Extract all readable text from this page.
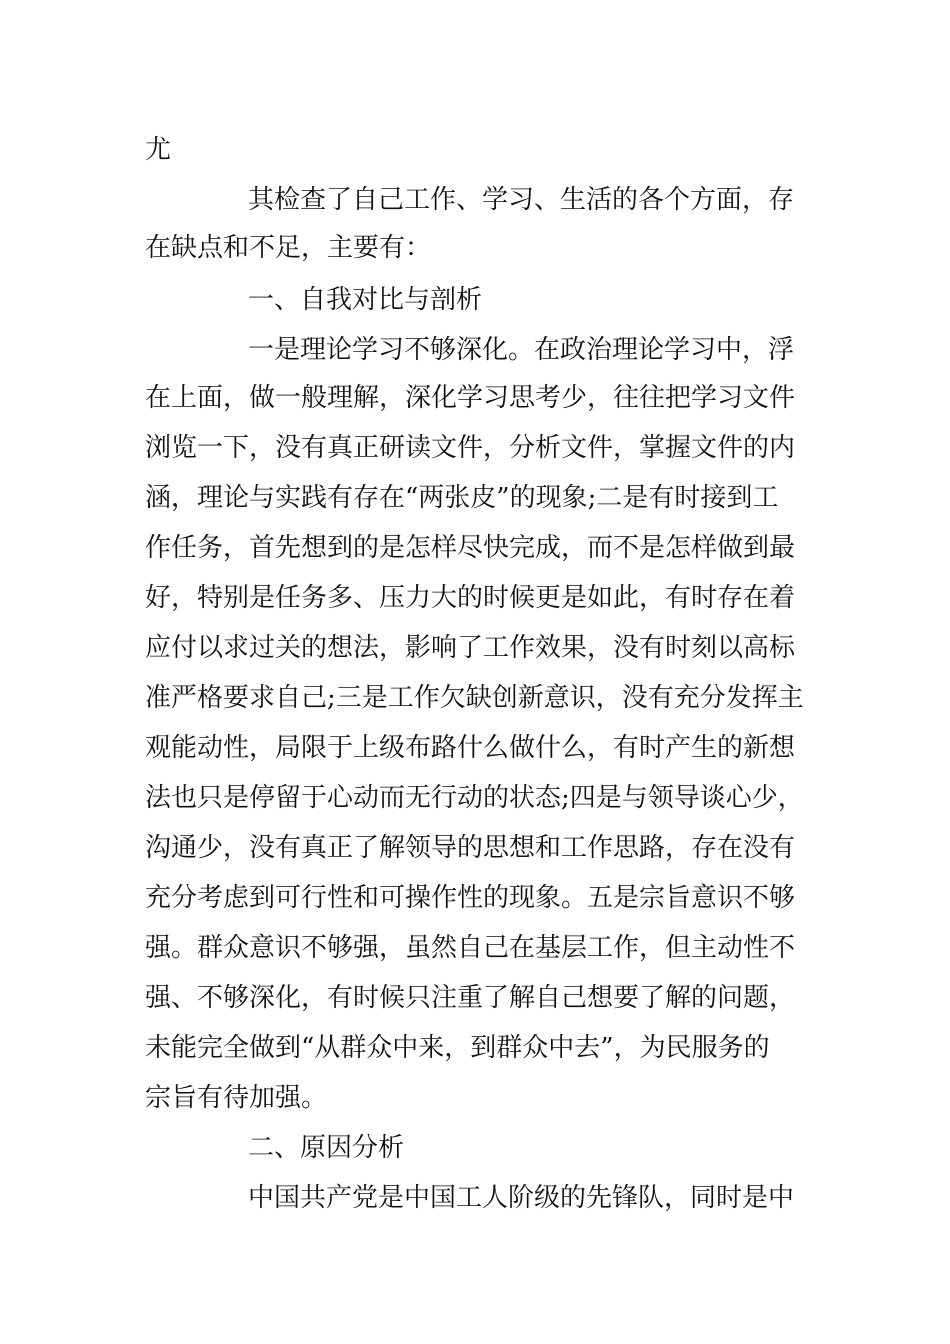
尤
其检查了自己工作、学习、生活的各个方面，存
在缺点和不足，主要有：
一、自我对比与剖析
一是理论学习不够深化。在政治理论学习中，浮
在上面，做一般理解，深化学习思考少，往往把学习文件
浏览一下，没有真正研读文件，分析文件，掌握文件的内
涵，理论与实践有存在“两张皮”的现象;二是有时接到工
作任务，首先想到的是怎样尽快完成，而不是怎样做到最
好，特别是任务多、压力大的时候更是如此，有时存在着
应付以求过关的想法，影响了工作效果，没有时刻以高标
准严格要求自己;三是工作欠缺创新意识，没有充分发挥主
观能动性，局限于上级布路什么做什么，有时产生的新想
法也只是停留于心动而无行动的状态;四是与领导谈心少，
沟通少，没有真正了解领导的思想和工作思路，存在没有
充分考虑到可行性和可操作性的现象。五是宗旨意识不够
强。群众意识不够强，虽然自己在基层工作，但主动性不
强、不够深化，有时候只注重了解自己想要了解的问题，
未能完全做到“从群众中来，到群众中去”，为民服务的
宗旨有待加强。
二、原因分析
中国共产党是中国工人阶级的先锋队，同时是中
